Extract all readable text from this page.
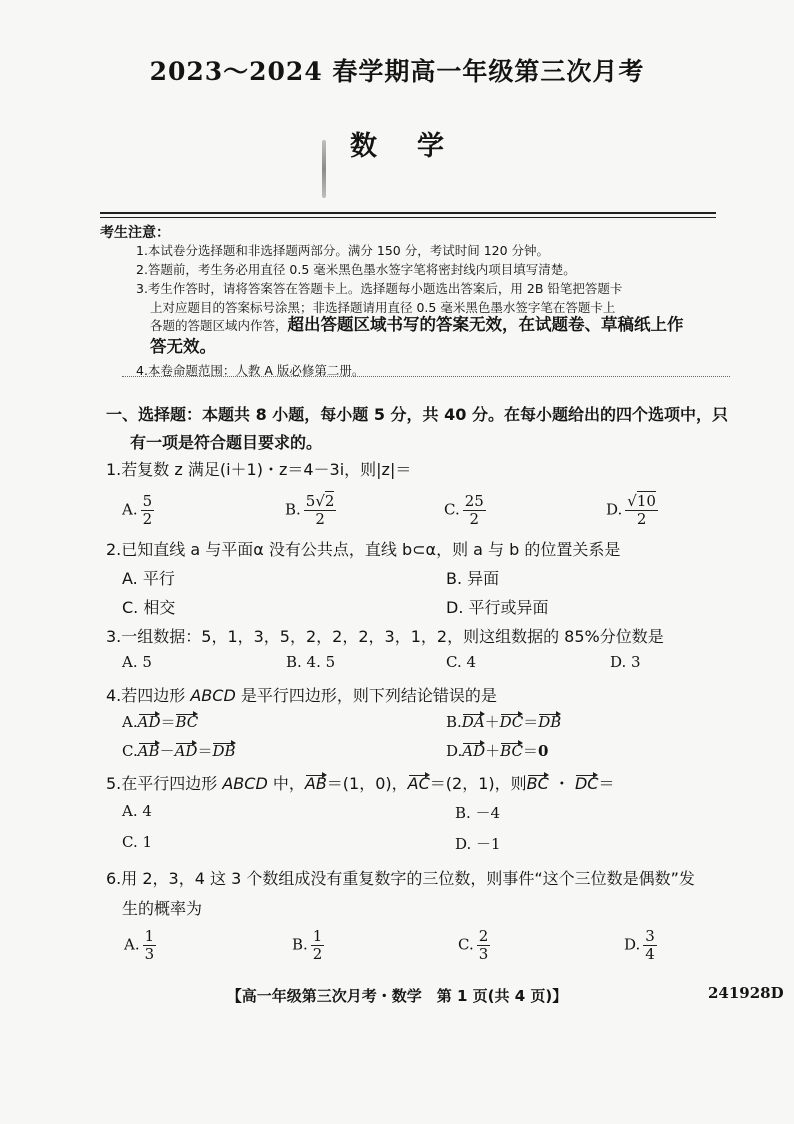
2023～2024 春学期高一年级第三次月考
数学
考生注意：
1.本试卷分选择题和非选择题两部分。满分 150 分，考试时间 120 分钟。
2.答题前，考生务必用直径 0.5 毫米黑色墨水签字笔将密封线内项目填写清楚。
3.考生作答时，请将答案答在答题卡上。选择题每小题选出答案后，用 2B 铅笔把答题卡
上对应题目的答案标号涂黑；非选择题请用直径 0.5 毫米黑色墨水签字笔在答题卡上
各题的答题区域内作答，超出答题区域书写的答案无效，在试题卷、草稿纸上作
答无效。
4.本卷命题范围：人教 A 版必修第二册。
一、选择题：本题共 8 小题，每小题 5 分，共 40 分。在每小题给出的四个选项中，只
有一项是符合题目要求的。
1.若复数 z 满足(i＋1)・z＝4－3i，则|z|＝
A. $\frac{5}{2}$	B. $\frac{5√2}{2}$	C. $\frac{25}{2}$	D. $\frac{√10}{2}$
2.已知直线 a 与平面α 没有公共点，直线 b⊂α，则 a 与 b 的位置关系是
A. 平行	B. 异面
C. 相交	D. 平行或异面
3.一组数据：5，1，3，5，2，2，2，3，1，2，则这组数据的 85%分位数是
A. 5	B. 4. 5	C. 4	D. 3
4.若四边形 ABCD 是平行四边形，则下列结论错误的是
A.AD＝BC	B.DA＋DC＝DB
C.AB－AD＝DB	D.AD＋BC＝0
5.在平行四边形 ABCD 中，AB＝(1，0)，AC＝(2，1)，则BC ・ DC＝
A. 4	B. －4
C. 1	D. －1
6.用 2，3，4 这 3 个数组成没有重复数字的三位数，则事件“这个三位数是偶数”发
生的概率为
A. $\frac{1}{3}$	B. $\frac{1}{2}$	C. $\frac{2}{3}$	D. $\frac{3}{4}$
【高一年级第三次月考・数学　第 1 页(共 4 页)】	241928D
